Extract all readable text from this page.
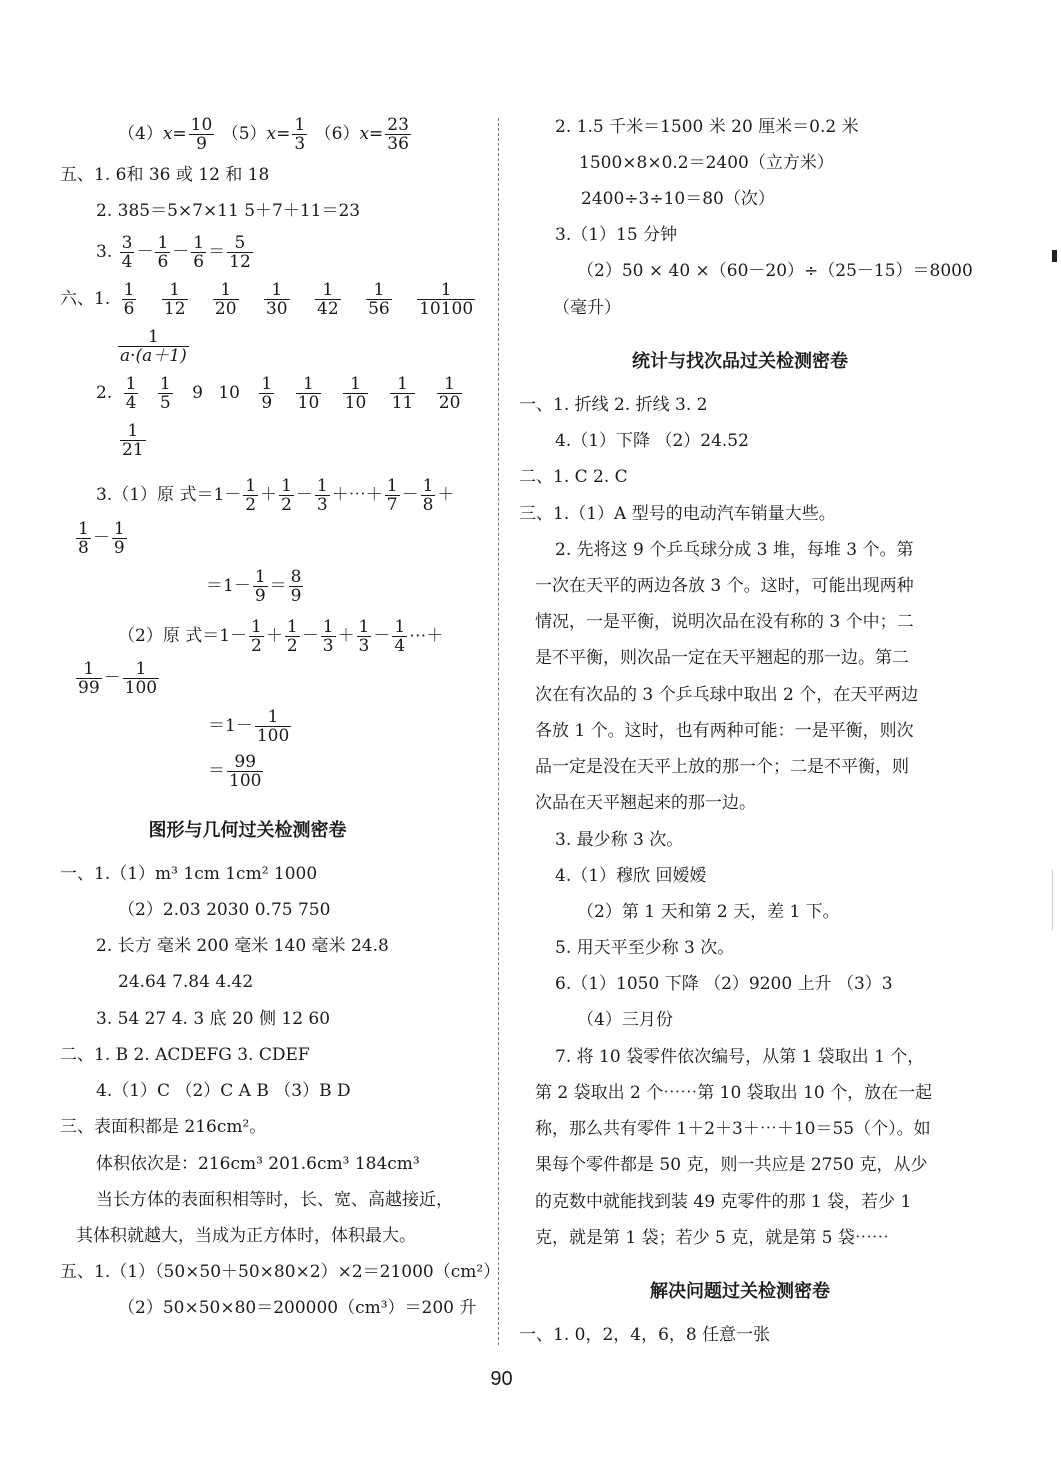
$(4)x= \frac{10}{9} (5)x= \frac{1}{3} (6)x= \frac{23}{36}$
五、1. 6和 36 或 12 和 18
2. 385＝5×7×11 5＋7＋11＝23
3. $\frac{3}{4} - \frac{1}{6} - \frac{1}{6} = \frac{5}{12}$
六、1. $\frac{1}{6}$
$\frac{1}{12}$
$\frac{1}{20}$
$\frac{1}{30}$
$\frac{1}{42}$
$\frac{1}{56}$
$\frac{1}{10100}$
$\frac{1}{a\cdot(a+1)}$
2. $\frac{1}{4}$
$\frac{1}{5} 9$ $10 \frac{1}{9}$
$\frac{1}{10}$
$\frac{1}{10}$
$\frac{1}{11}$
$\frac{1}{20}$
$\frac{1}{21}$
3.（1）原 式$=1- \frac{1}{2} + \frac{1}{2} - \frac{1}{3}$ ＋⋯＋ $\frac{1}{7} - \frac{1}{8}$ ＋
$\frac{1}{8} - \frac{1}{9}$
$=1- \frac{1}{9} = \frac{8}{9}$
（2）原 式$=1- \frac{1}{2} + \frac{1}{2} - \frac{1}{3} + \frac{1}{3} - \frac{1}{4}$ ⋯＋
$\frac{1}{99} - \frac{1}{100}$
$=1- \frac{1}{100}$
＝ $\frac{99}{100}$
图形与几何过关检测密卷
一、1.（1）m³ 1cm 1cm² 1000
（2）2.03 2030 0.75 750
2. 长方 毫米 200 毫米 140 毫米 24.8
24.64 7.84 4.42
3. 54 27 4. 3 底 20 侧 12 60
二、1. B 2. ACDEFG 3. CDEF
4.（1）C （2）C A B （3）B D
三、表面积都是 216cm²。
体积依次是：216cm³ 201.6cm³ 184cm³
当长方体的表面积相等时，长、宽、高越接近，
其体积就越大，当成为正方体时，体积最大。
五、1.（1）（50×50＋50×80×2）×2＝21000（cm²）
（2）50×50×80＝200000（cm³）＝200 升
2. 1.5 千米＝1500 米 20 厘米＝0.2 米
1500×8×0.2＝2400（立方米）
2400÷3÷10＝80（次）
3.（1）15 分钟
（2）50 × 40 ×（60－20）÷（25－15）＝8000
（毫升）
统计与找次品过关检测密卷
一、1. 折线 2. 折线 3. 2
4.（1）下降 （2）24.52
二、1. C 2. C
三、1.（1）A 型号的电动汽车销量大些。
2. 先将这 9 个乒乓球分成 3 堆，每堆 3 个。第
一次在天平的两边各放 3 个。这时，可能出现两种
情况，一是平衡，说明次品在没有称的 3 个中；二
是不平衡，则次品一定在天平翘起的那一边。第二
次在有次品的 3 个乒乓球中取出 2 个，在天平两边
各放 1 个。这时，也有两种可能：一是平衡，则次
品一定是没在天平上放的那一个；二是不平衡，则
次品在天平翘起来的那一边。
3. 最少称 3 次。
4.（1）穆欣 回嫒嫒
（2）第 1 天和第 2 天，差 1 下。
5. 用天平至少称 3 次。
6.（1）1050 下降 （2）9200 上升 （3）3
（4）三月份
7. 将 10 袋零件依次编号，从第 1 袋取出 1 个，
第 2 袋取出 2 个⋯⋯第 10 袋取出 10 个，放在一起
称，那么共有零件 1＋2＋3＋⋯＋10＝55（个）。如
果每个零件都是 50 克，则一共应是 2750 克，从少
的克数中就能找到装 49 克零件的那 1 袋，若少 1
克，就是第 1 袋；若少 5 克，就是第 5 袋⋯⋯
解决问题过关检测密卷
一、1. 0，2，4，6，8 任意一张
90
